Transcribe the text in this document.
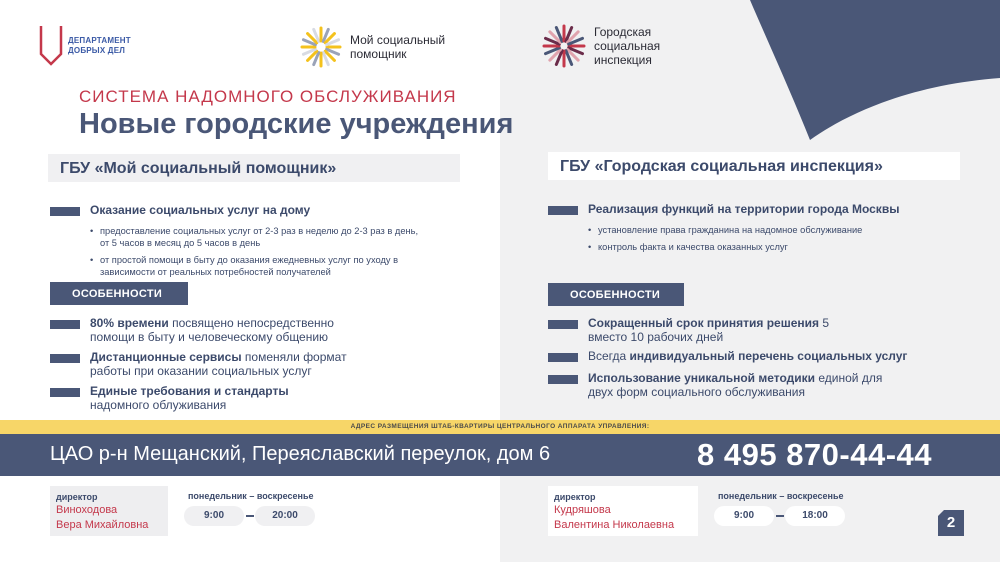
ДЕПАРТАМЕНТ
ДОБРЫХ ДЕЛ
Мой социальный
помощник
Городская
социальная
инспекция
СИСТЕМА НАДОМНОГО ОБСЛУЖИВАНИЯ
Новые городские учреждения
ГБУ «Мой социальный помощник»
Оказание социальных услуг на дому
• предоставление социальных услуг от 2-3 раз в неделю до 2-3 раз в день, от 5 часов в месяц до 5 часов в день
• от простой помощи в быту до оказания ежедневных услуг по уходу в зависимости от реальных потребностей получателей
ОСОБЕННОСТИ
80% времени посвящено непосредственно помощи в быту и человеческому общению
Дистанционные сервисы поменяли формат работы при оказании социальных услуг
Единые требования и стандарты надомного облуживания
ГБУ «Городская социальная инспекция»
Реализация функций на территории города Москвы
• установление права гражданина на надомное обслуживание
• контроль факта и качества оказанных услуг
ОСОБЕННОСТИ
Сокращенный срок принятия решения 5 вместо 10 рабочих дней
Всегда индивидуальный перечень социальных услуг
Использование уникальной методики единой для двух форм социального обслуживания
АДРЕС РАЗМЕЩЕНИЯ ШТАБ-КВАРТИРЫ ЦЕНТРАЛЬНОГО АППАРАТА УПРАВЛЕНИЯ:
ЦАО р-н Мещанский, Переяславский переулок, дом 6	8 495 870-44-44
директор
Виноходова
Вера Михайловна
понедельник – воскресенье
9:00	20:00
директор
Кудряшова
Валентина Николаевна
понедельник – воскресенье
9:00	18:00	2
